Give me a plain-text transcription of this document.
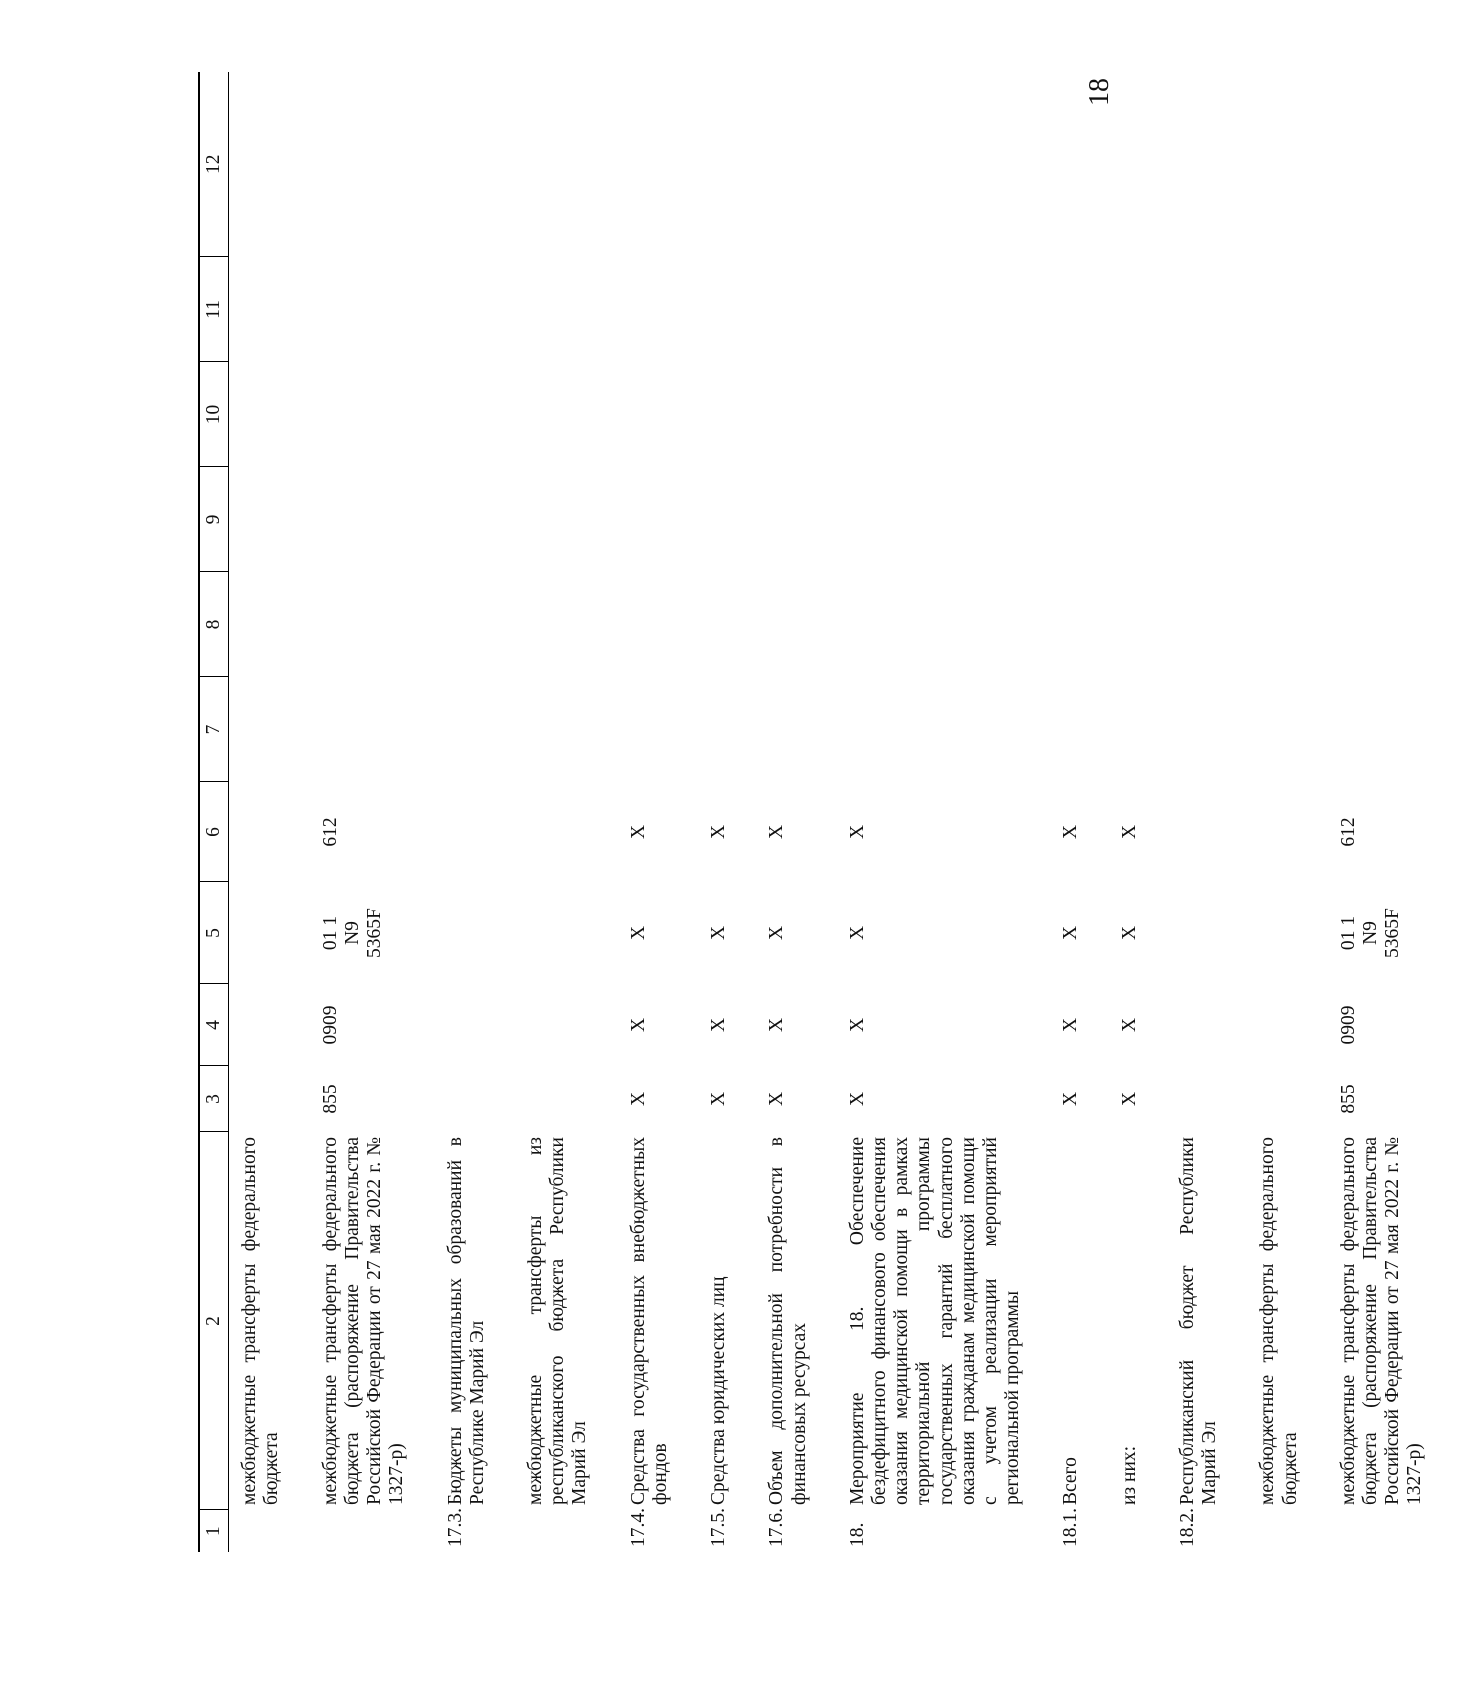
18
1	2	3	4	5	6	7	8	9	10	11	12
	межбюджетные трансферты федерального бюджета										
	межбюджетные трансферты федерального бюджета (распоряжение Правительства Российской Федерации от 27 мая 2022 г. № 1327-р)	855	0909	01 1
N9
5365F	612						
17.3.	Бюджеты муниципальных образований в Республике Марий Эл										
	межбюджетные трансферты из республиканского бюджета Республики Марий Эл										
17.4.	Средства государственных внебюджетных фондов	X	X	X	X						
17.5.	Средства юридических лиц	X	X	X	X						
17.6.	Объем дополнительной потребности в финансовых ресурсах	X	X	X	X						
18.	Мероприятие 18. Обеспечение бездефицитного финансового обеспечения оказания медицинской помощи в рамках территориальной программы государственных гарантий бесплатного оказания гражданам медицинской помощи с учетом реализации мероприятий региональной программы	X	X	X	X						
18.1.	Всего	X	X	X	X						
	из них:	X	X	X	X						
18.2.	Республиканский бюджет Республики Марий Эл										
	межбюджетные трансферты федерального бюджета										
	межбюджетные трансферты федерального бюджета (распоряжение Правительства Российской Федерации от 27 мая 2022 г. № 1327-р)	855	0909	01 1
N9
5365F	612						
